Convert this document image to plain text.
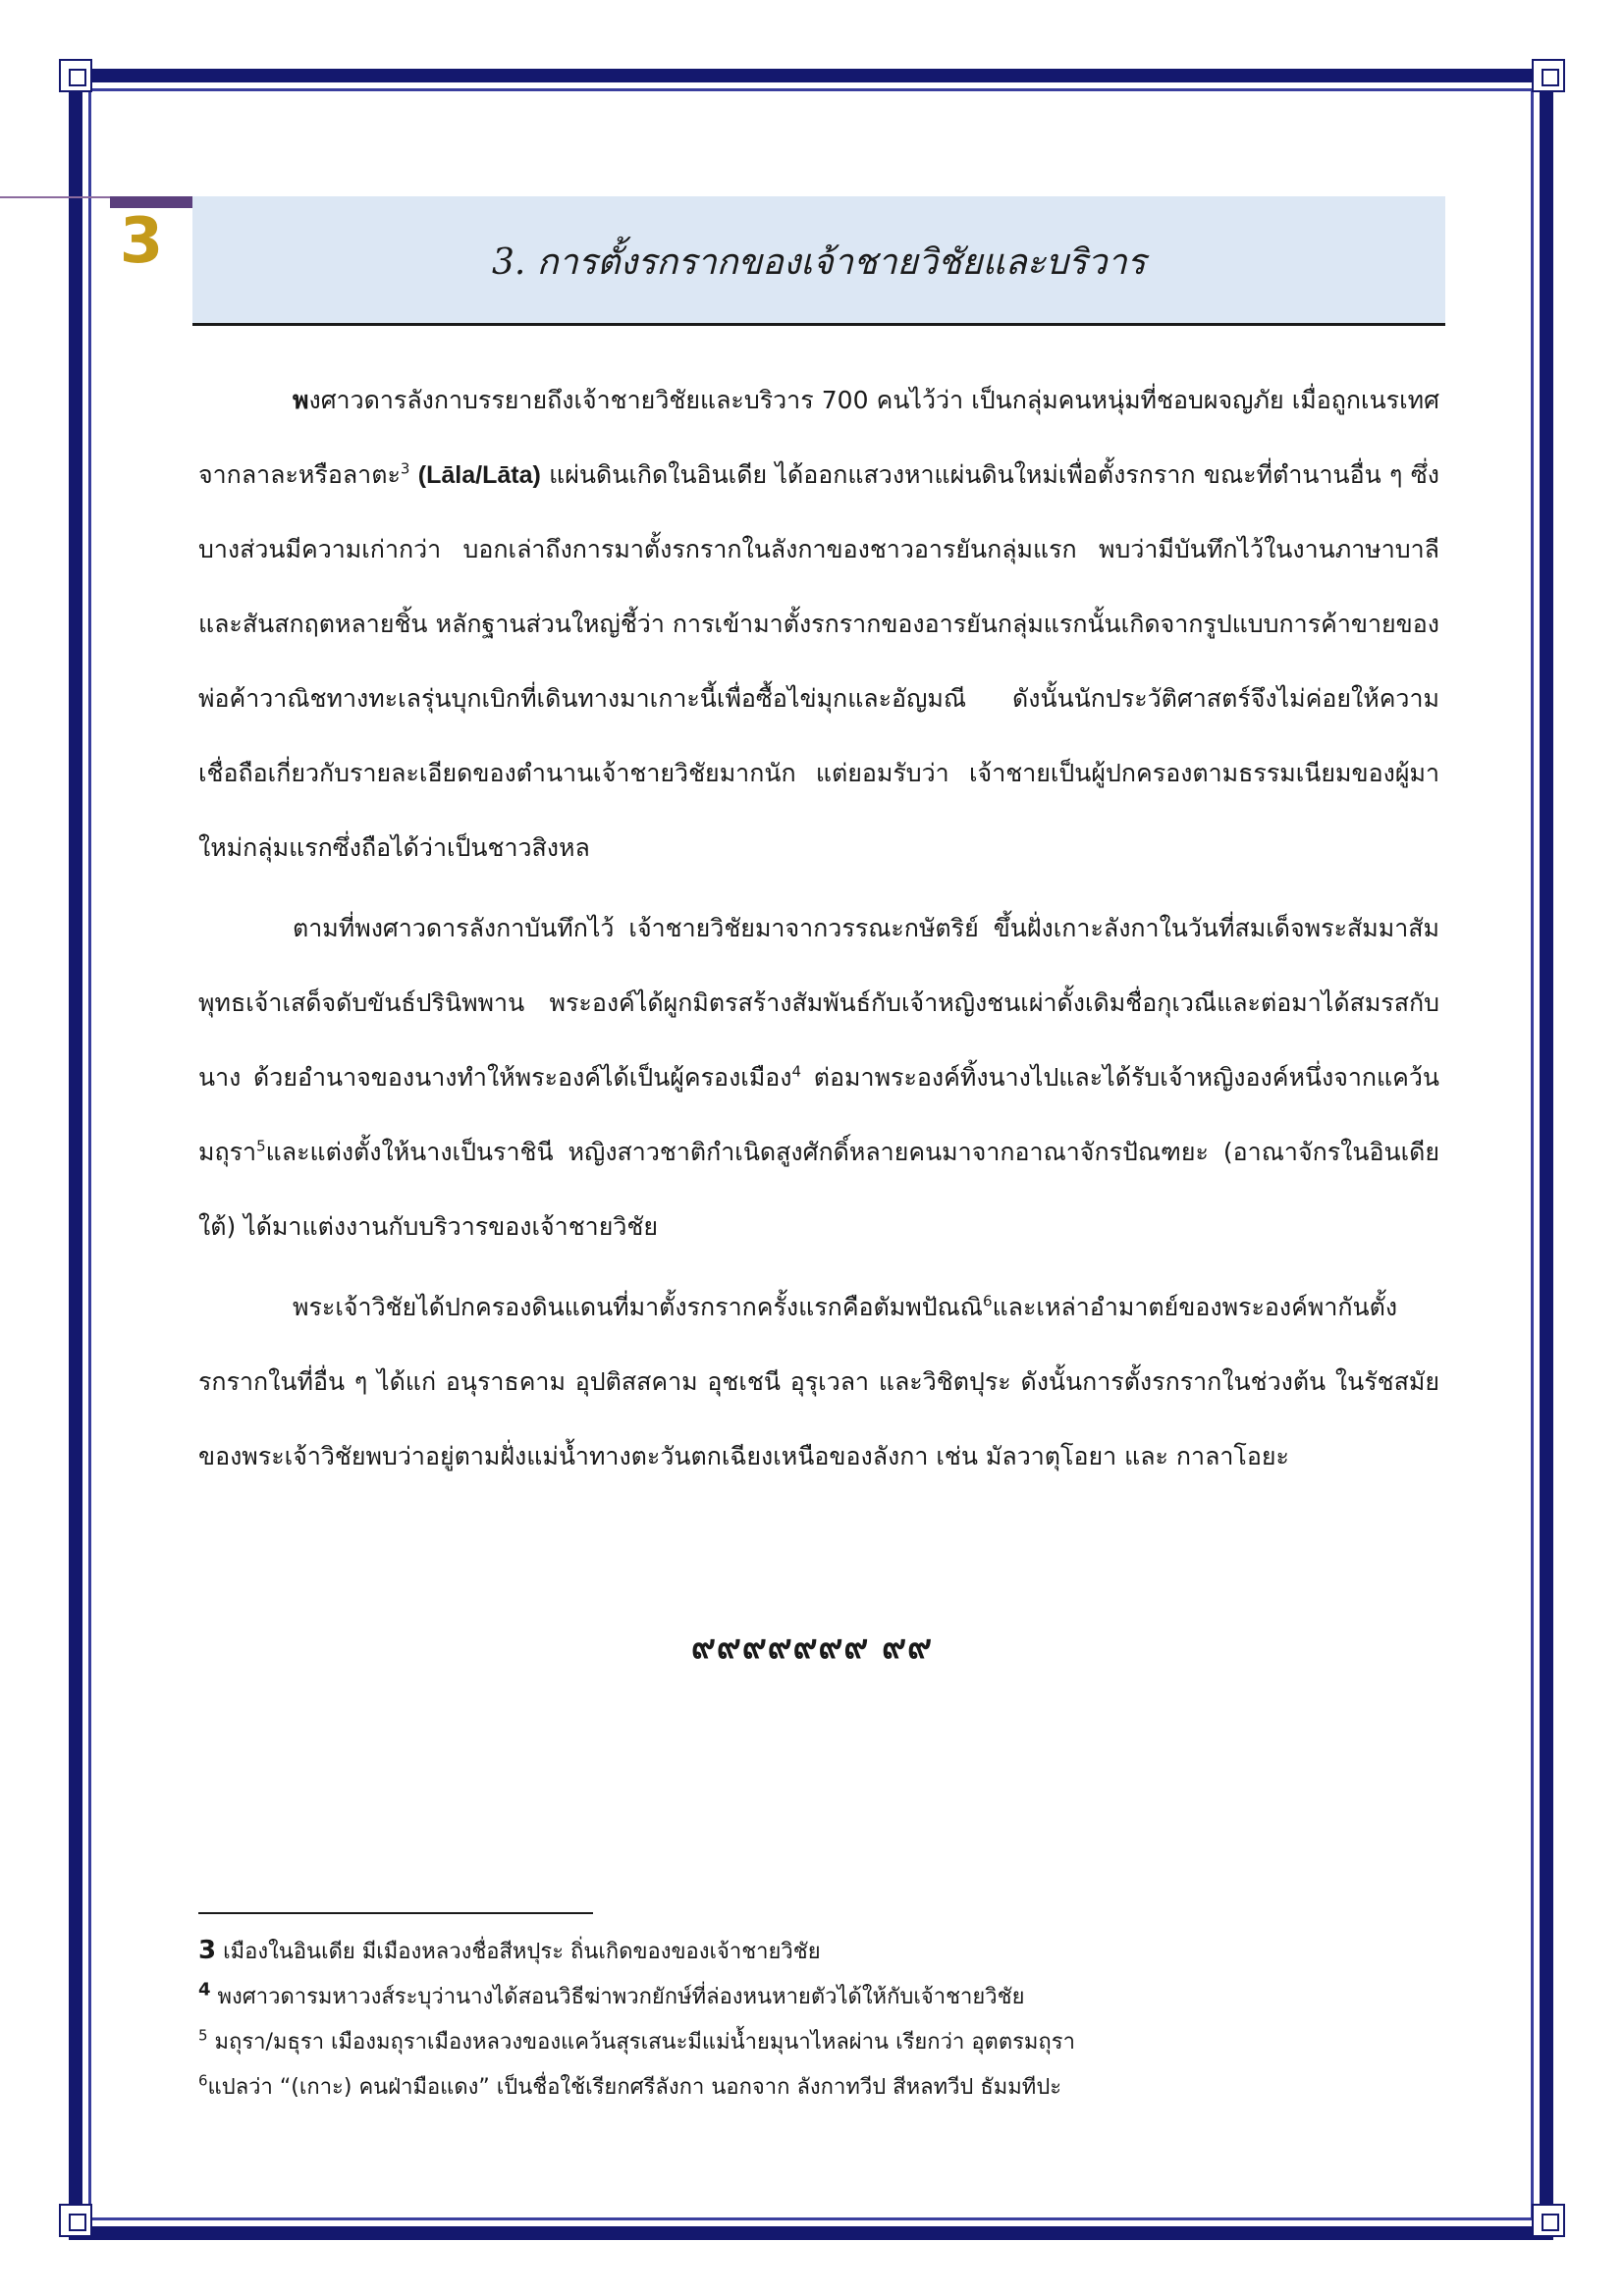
3	3. การตั้งรกรากของเจ้าชายวิชัยและบริวาร

พงศาวดารลังกาบรรยายถึงเจ้าชายวิชัยและบริวาร 700 คนไว้ว่า เป็นกลุ่มคนหนุ่มที่ชอบผจญภัย เมื่อถูกเนรเทศจากลาละหรือลาตะ$^3$ (Lāla/Lāta) แผ่นดินเกิดในอินเดีย ได้ออกแสวงหาแผ่นดินใหม่เพื่อตั้งรกราก ขณะที่ตำนานอื่น ๆ ซึ่งบางส่วนมีความเก่ากว่า บอกเล่าถึงการมาตั้งรกรากในลังกาของชาวอารยันกลุ่มแรก พบว่ามีบันทึกไว้ในงานภาษาบาลีและสันสกฤตหลายชิ้น หลักฐานส่วนใหญ่ชี้ว่า การเข้ามาตั้งรกรากของอารยันกลุ่มแรกนั้นเกิดจากรูปแบบการค้าขายของพ่อค้าวาณิชทางทะเลรุ่นบุกเบิกที่เดินทางมาเกาะนี้เพื่อซื้อไข่มุกและอัญมณี ดังนั้นนักประวัติศาสตร์จึงไม่ค่อยให้ความเชื่อถือเกี่ยวกับรายละเอียดของตำนานเจ้าชายวิชัยมากนัก แต่ยอมรับว่า เจ้าชายเป็นผู้ปกครองตามธรรมเนียมของผู้มาใหม่กลุ่มแรกซึ่งถือได้ว่าเป็นชาวสิงหล

ตามที่พงศาวดารลังกาบันทึกไว้ เจ้าชายวิชัยมาจากวรรณะกษัตริย์ ขึ้นฝั่งเกาะลังกาในวันที่สมเด็จพระสัมมาสัมพุทธเจ้าเสด็จดับขันธ์ปรินิพพาน พระองค์ได้ผูกมิตรสร้างสัมพันธ์กับเจ้าหญิงชนเผ่าดั้งเดิมชื่อกุเวณีและต่อมาได้สมรสกับนาง ด้วยอำนาจของนางทำให้พระองค์ได้เป็นผู้ครองเมือง$^4$ ต่อมาพระองค์ทิ้งนางไปและได้รับเจ้าหญิงองค์หนึ่งจากแคว้นมถุรา$^5$และแต่งตั้งให้นางเป็นราชินี หญิงสาวชาติกำเนิดสูงศักดิ์หลายคนมาจากอาณาจักรปัณฑยะ (อาณาจักรในอินเดียใต้) ได้มาแต่งงานกับบริวารของเจ้าชายวิชัย

พระเจ้าวิชัยได้ปกครองดินแดนที่มาตั้งรกรากครั้งแรกคือตัมพปัณณิ$^6$และเหล่าอำมาตย์ของพระองค์พากันตั้งรกรากในที่อื่น ๆ ได้แก่ อนุราธคาม อุปติสสคาม อุชเชนี อุรุเวลา และวิชิตปุระ ดังนั้นการตั้งรกรากในช่วงต้น ในรัชสมัยของพระเจ้าวิชัยพบว่าอยู่ตามฝั่งแม่น้ำทางตะวันตกเฉียงเหนือของลังกา เช่น มัลวาตุโอยา และ กาลาโอยะ

๙๙๙๙๙๙๙ ๙๙
3 เมืองในอินเดีย มีเมืองหลวงชื่อสีหปุระ ถิ่นเกิดของของเจ้าชายวิชัย
$^4$ พงศาวดารมหาวงส์ระบุว่านางได้สอนวิธีฆ่าพวกยักษ์ที่ล่องหนหายตัวได้ให้กับเจ้าชายวิชัย
$^5$ มถุรา/มธุรา เมืองมถุราเมืองหลวงของแคว้นสุรเสนะมีแม่น้ำยมุนาไหลผ่าน เรียกว่า อุตตรมถุรา
$^6$แปลว่า “(เกาะ) คนฝ่ามือแดง” เป็นชื่อใช้เรียกศรีลังกา นอกจาก ลังกาทวีป สีหลทวีป ธัมมทีปะ
